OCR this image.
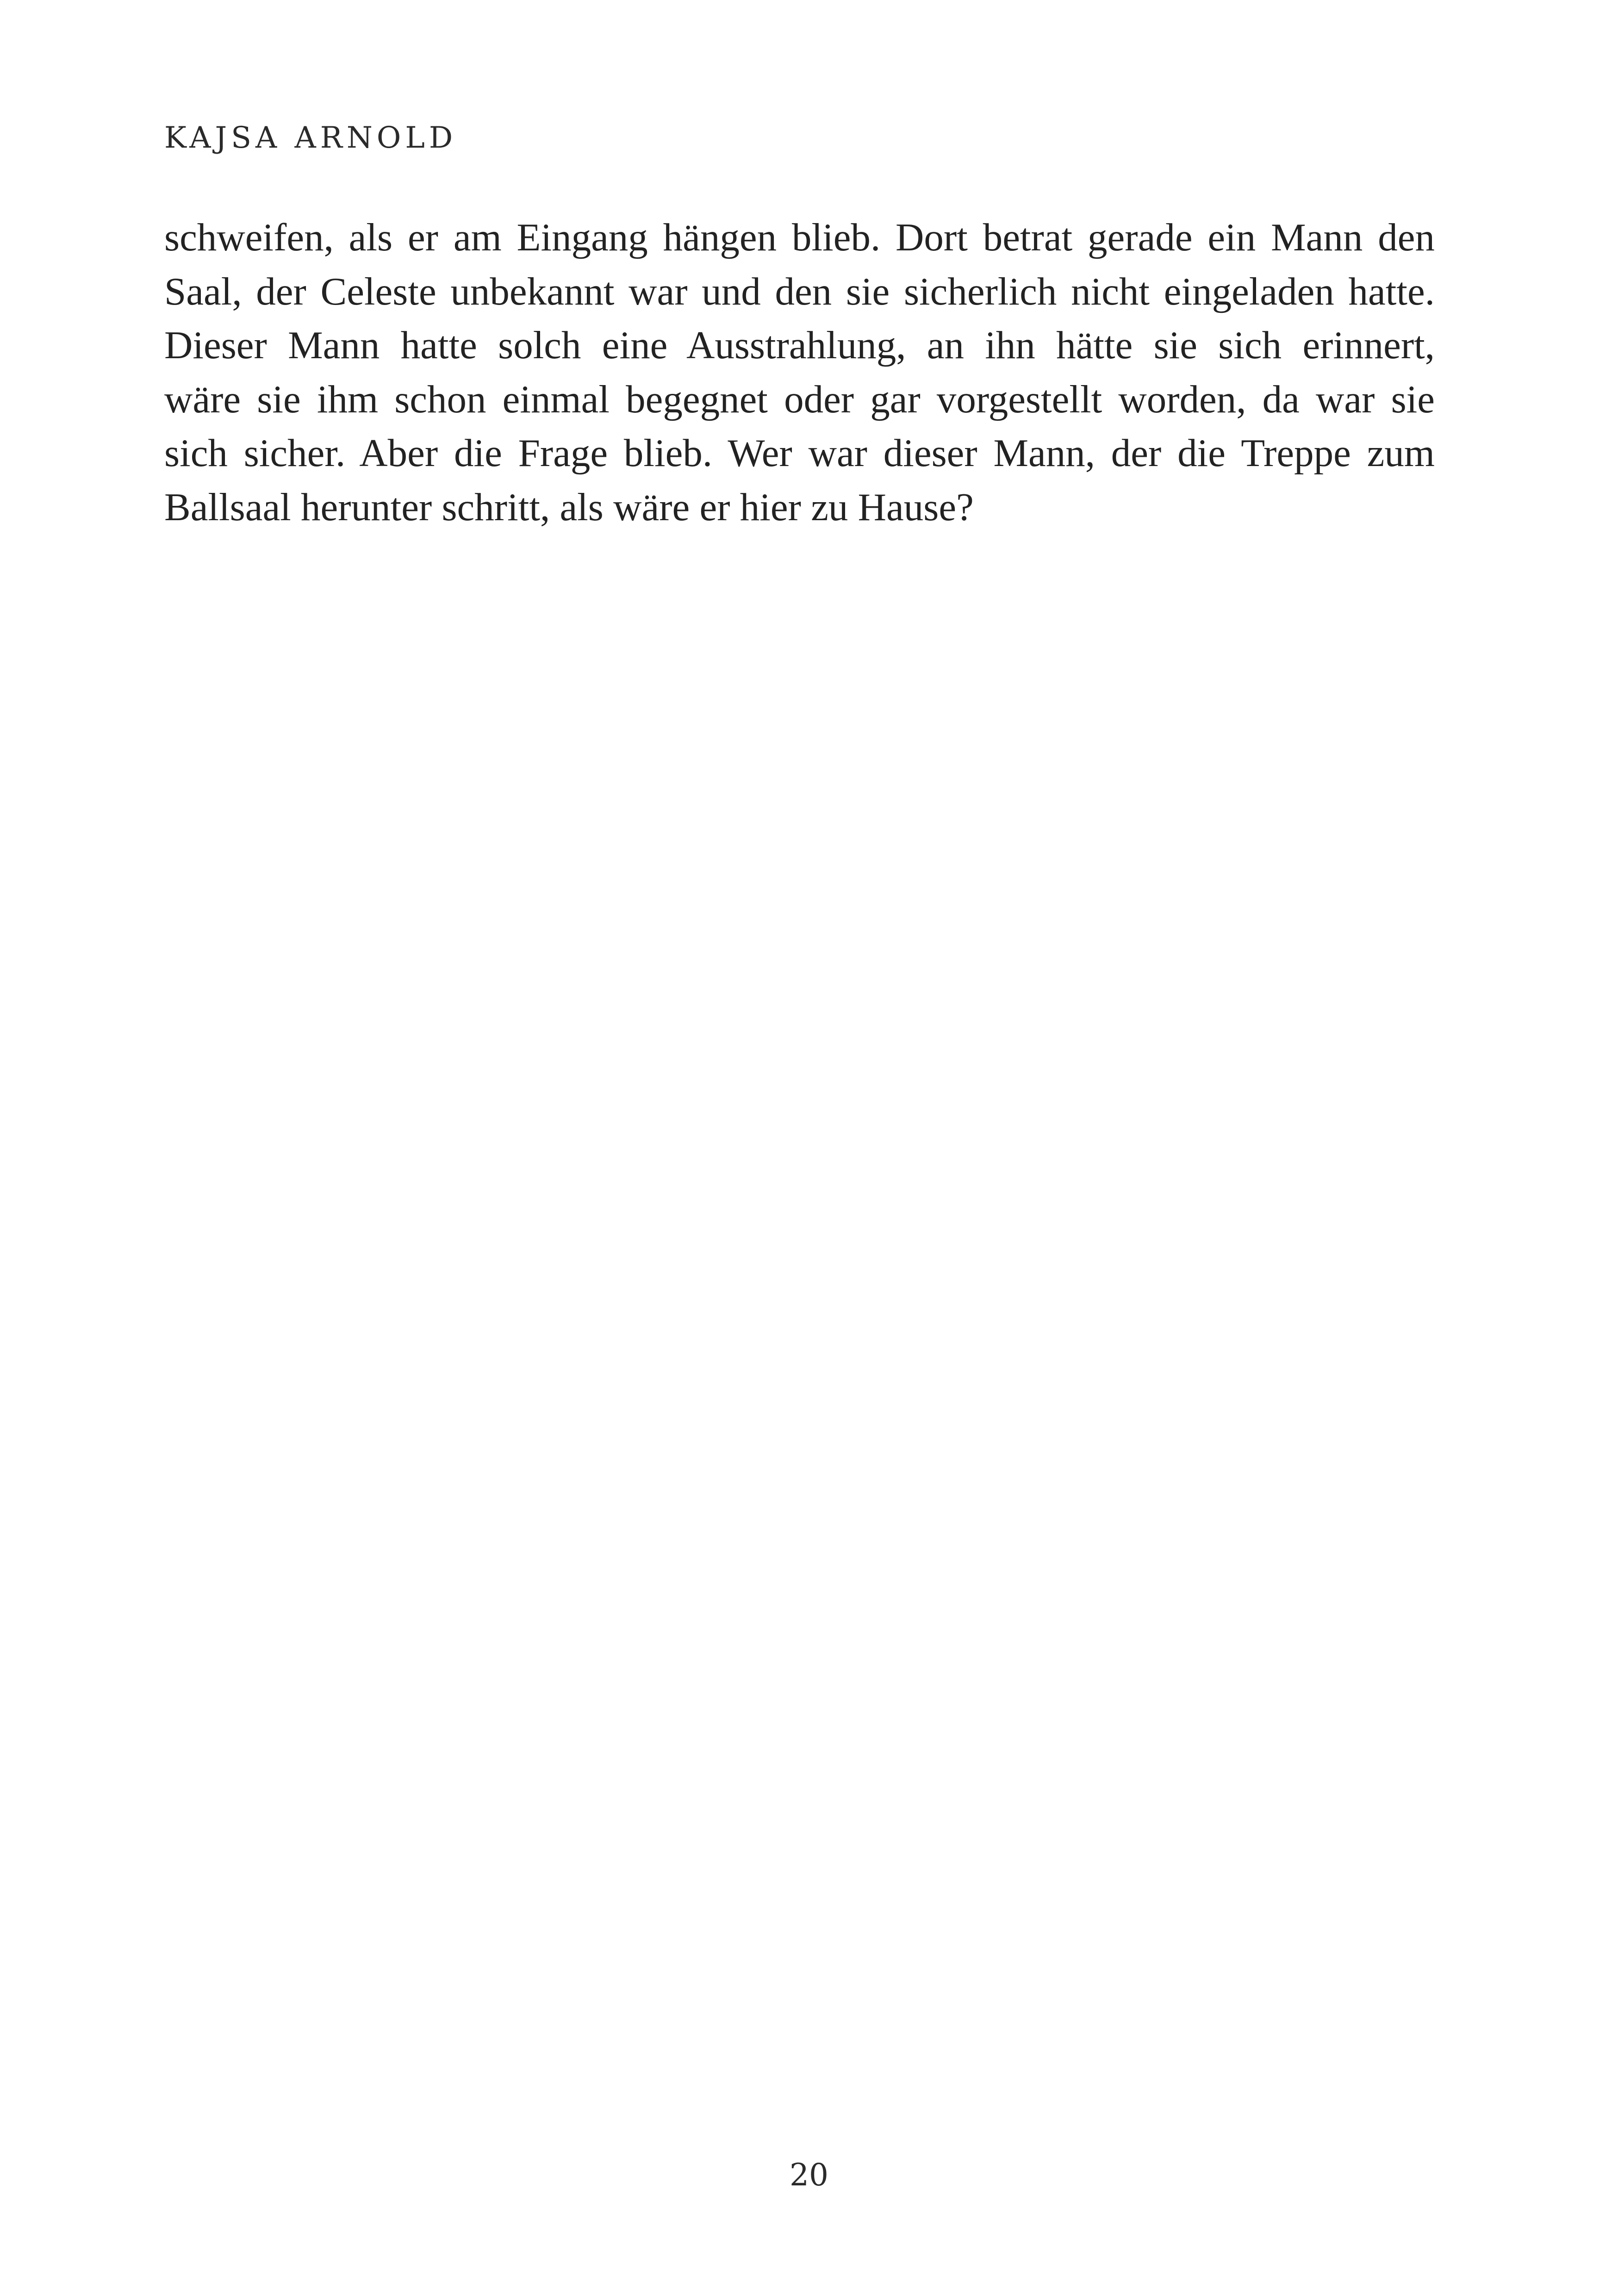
KAJSA ARNOLD
schweifen, als er am Eingang hängen blieb. Dort betrat gerade ein Mann den
Saal, der Celeste unbekannt war und den sie sicherlich nicht eingeladen hatte.
Dieser Mann hatte solch eine Ausstrahlung, an ihn hätte sie sich erinnert,
wäre sie ihm schon einmal begegnet oder gar vorgestellt worden, da war sie
sich sicher. Aber die Frage blieb. Wer war dieser Mann, der die Treppe zum
Ballsaal herunter schritt, als wäre er hier zu Hause?
20
